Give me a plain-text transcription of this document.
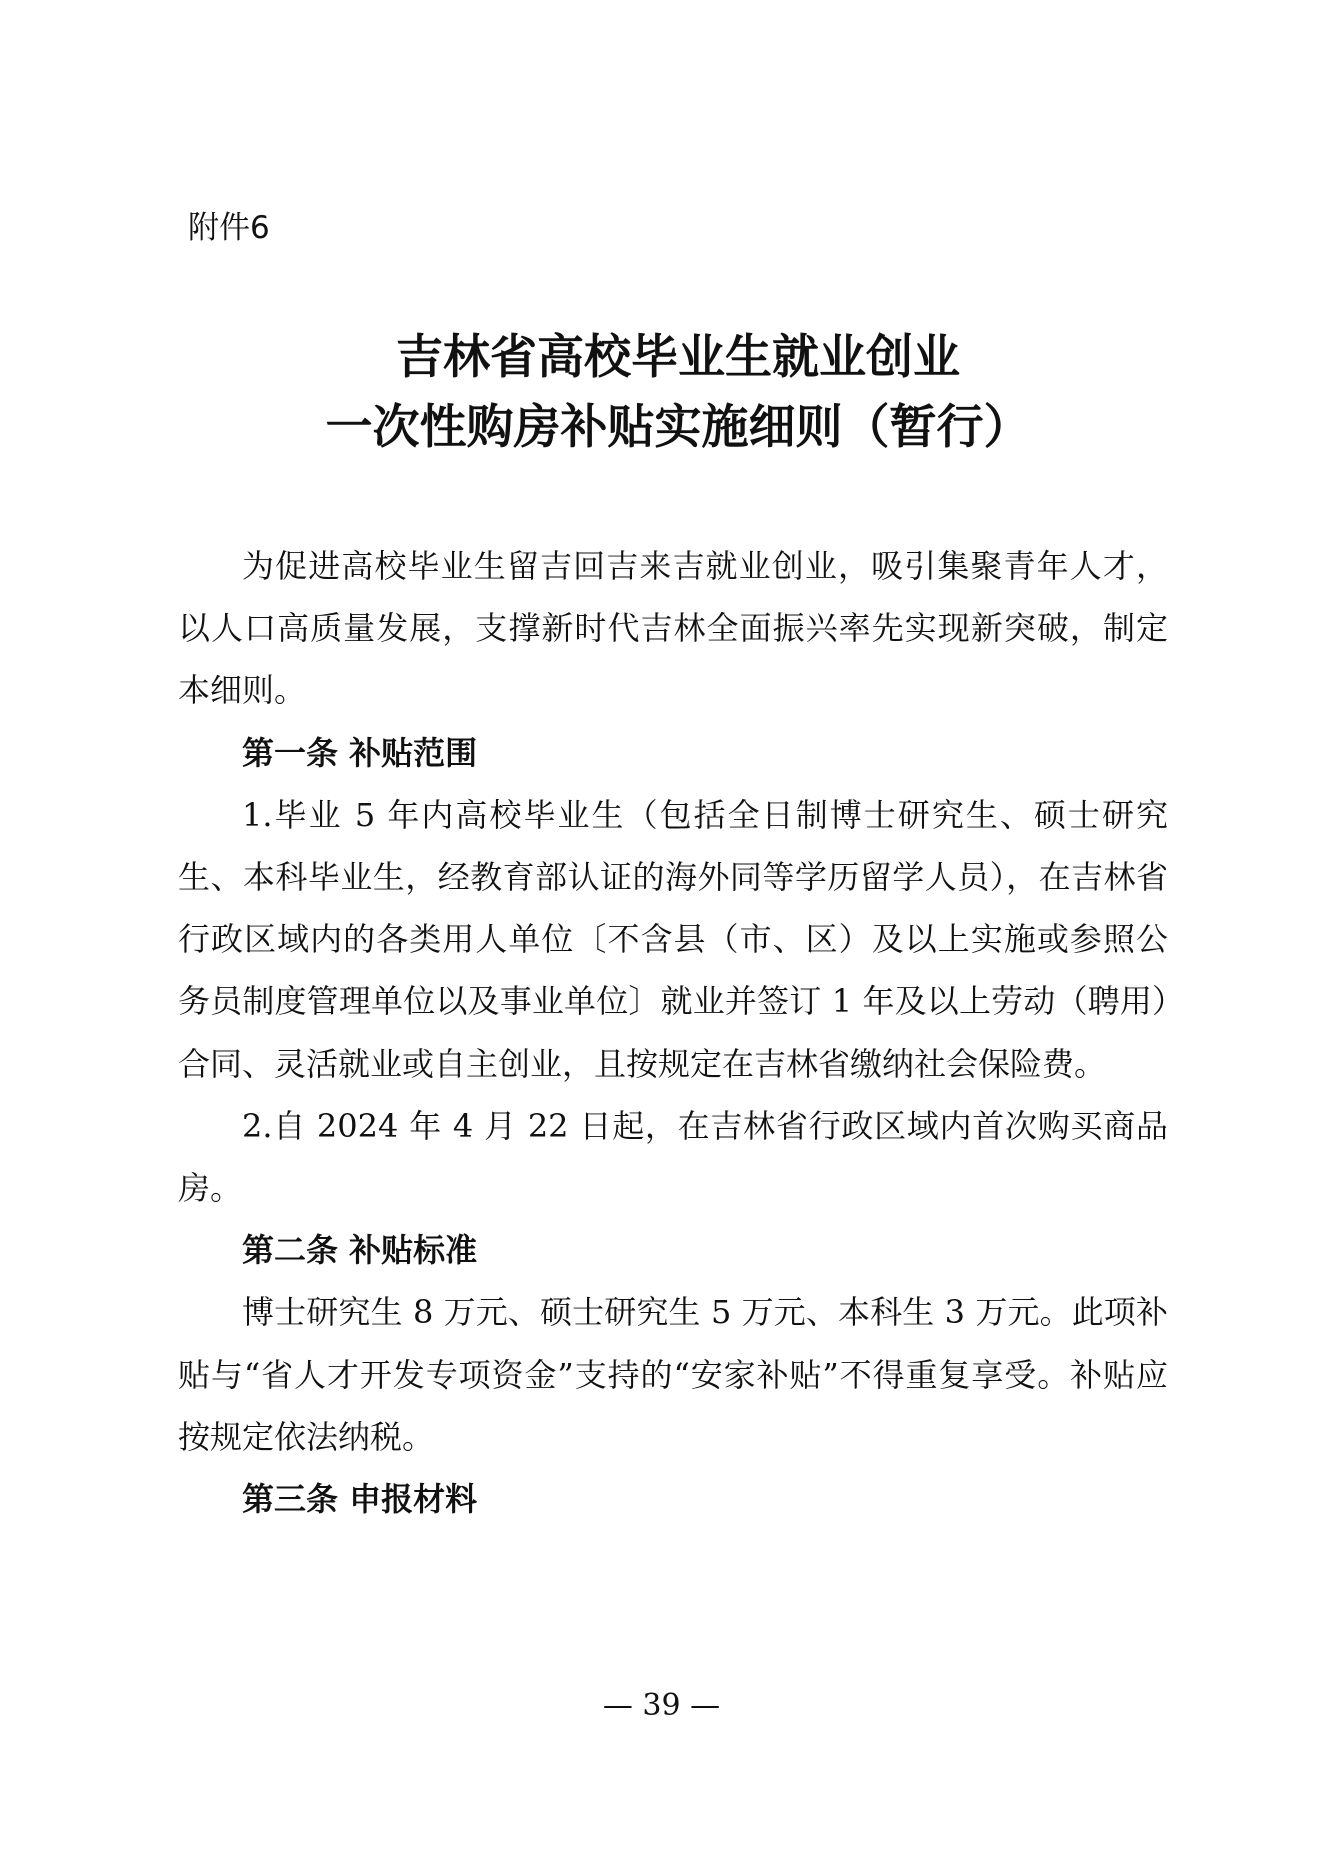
附件6

吉林省高校毕业生就业创业
一次性购房补贴实施细则（暂行）

为促进高校毕业生留吉回吉来吉就业创业，吸引集聚青年人才，以人口高质量发展，支撑新时代吉林全面振兴率先实现新突破，制定本细则。

第一条 补贴范围

1.毕业 5 年内高校毕业生（包括全日制博士研究生、硕士研究生、本科毕业生，经教育部认证的海外同等学历留学人员），在吉林省行政区域内的各类用人单位〔不含县（市、区）及以上实施或参照公务员制度管理单位以及事业单位〕就业并签订 1 年及以上劳动（聘用）合同、灵活就业或自主创业，且按规定在吉林省缴纳社会保险费。

2.自 2024 年 4 月 22 日起，在吉林省行政区域内首次购买商品房。

第二条 补贴标准

博士研究生 8 万元、硕士研究生 5 万元、本科生 3 万元。此项补贴与“省人才开发专项资金”支持的“安家补贴”不得重复享受。补贴应按规定依法纳税。

第三条 申报材料

— 39 —
